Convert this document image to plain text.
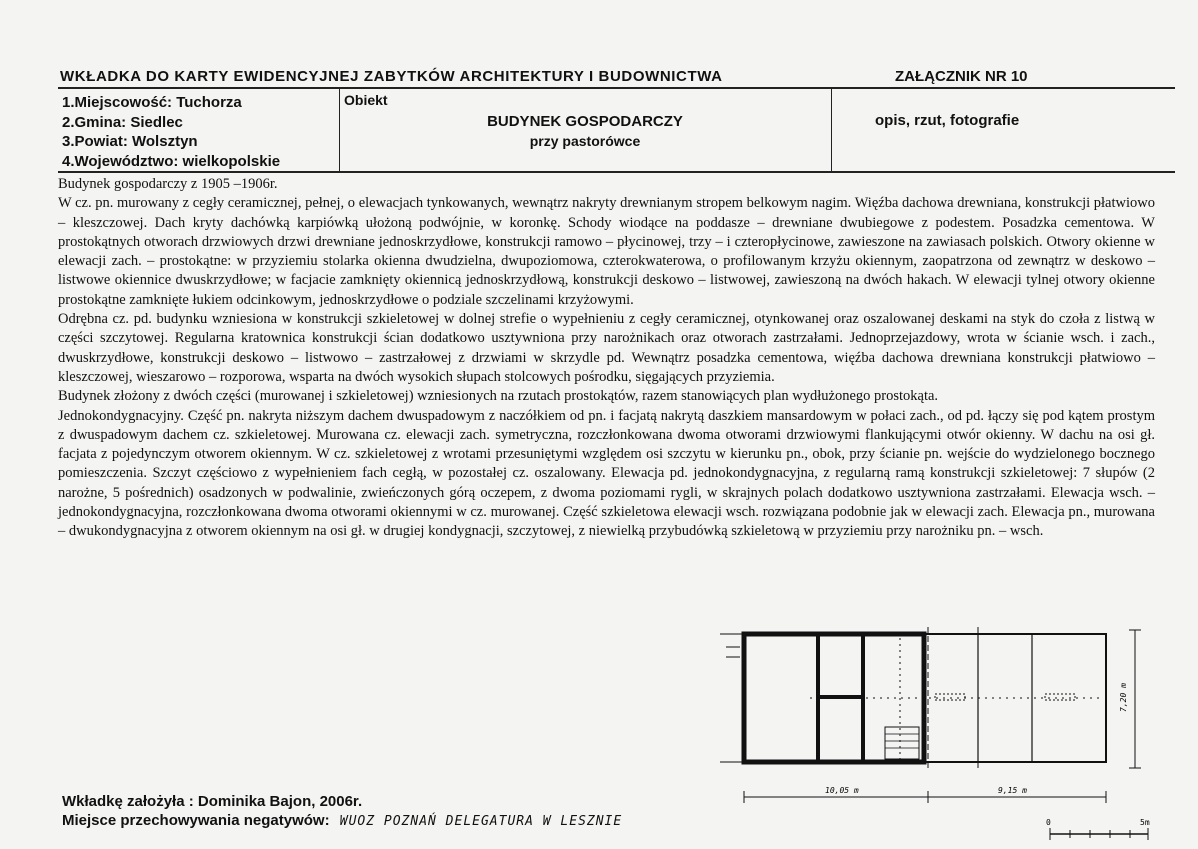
WKŁADKA DO KARTY EWIDENCYJNEJ ZABYTKÓW ARCHITEKTURY I BUDOWNICTWA	ZAŁĄCZNIK NR 10
1.Miejscowość: Tuchorza
2.Gmina: Siedlec
3.Powiat: Wolsztyn
4.Województwo: wielkopolskie
Obiekt
BUDYNEK GOSPODARCZY
przy pastorówce
opis, rzut, fotografie

Budynek gospodarczy z 1905 –1906r.

W cz. pn. murowany z cegły ceramicznej, pełnej, o elewacjach tynkowanych, wewnątrz nakryty drewnianym stropem belkowym nagim. Więźba dachowa drewniana, konstrukcji płatwiowo – kleszczowej. Dach kryty dachówką karpiówką ułożoną podwójnie, w koronkę. Schody wiodące na poddasze – drewniane dwubiegowe z podestem. Posadzka cementowa. W prostokątnych otworach drzwiowych drzwi drewniane jednoskrzydłowe, konstrukcji ramowo – płycinowej, trzy – i czteropłycinowe, zawieszone na zawiasach polskich. Otwory okienne w elewacji zach. – prostokątne: w przyziemiu stolarka okienna dwudzielna, dwupoziomowa, czterokwaterowa, o profilowanym krzyżu okiennym, zaopatrzona od zewnątrz w deskowo – listwowe okiennice dwuskrzydłowe; w facjacie zamknięty okiennicą jednoskrzydłową, konstrukcji deskowo – listwowej, zawieszoną na dwóch hakach. W elewacji tylnej otwory okienne prostokątne zamknięte łukiem odcinkowym, jednoskrzydłowe o podziale szczelinami krzyżowymi.

Odrębna cz. pd. budynku wzniesiona w konstrukcji szkieletowej w dolnej strefie o wypełnieniu z cegły ceramicznej, otynkowanej oraz oszalowanej deskami na styk do czoła z listwą w części szczytowej. Regularna kratownica konstrukcji ścian dodatkowo usztywniona przy narożnikach oraz otworach zastrzałami. Jednoprzejazdowy, wrota w ścianie wsch. i zach., dwuskrzydłowe, konstrukcji deskowo – listwowo – zastrzałowej z drzwiami w skrzydle pd. Wewnątrz posadzka cementowa, więźba dachowa drewniana konstrukcji płatwiowo – kleszczowej, wieszarowo – rozporowa, wsparta na dwóch wysokich słupach stolcowych pośrodku, sięgających przyziemia.

Budynek złożony z dwóch części (murowanej i szkieletowej) wzniesionych na rzutach prostokątów, razem stanowiących plan wydłużonego prostokąta.

Jednokondygnacyjny. Część pn. nakryta niższym dachem dwuspadowym z naczółkiem od pn. i facjatą nakrytą daszkiem mansardowym w połaci zach., od pd. łączy się pod kątem prostym z dwuspadowym dachem cz. szkieletowej. Murowana cz. elewacji zach. symetryczna, rozczłonkowana dwoma otworami drzwiowymi flankującymi otwór okienny. W dachu na osi gł. facjata z pojedynczym otworem okiennym. W cz. szkieletowej z wrotami przesuniętymi względem osi szczytu w kierunku pn., obok, przy ścianie pn. wejście do wydzielonego bocznego pomieszczenia. Szczyt częściowo z wypełnieniem fach cegłą, w pozostałej cz. oszalowany. Elewacja pd. jednokondygnacyjna, z regularną ramą konstrukcji szkieletowej: 7 słupów (2 narożne, 5 pośrednich) osadzonych w podwalinie, zwieńczonych górą oczepem, z dwoma poziomami rygli, w skrajnych polach dodatkowo usztywniona zastrzałami. Elewacja wsch. – jednokondygnacyjna, rozczłonkowana dwoma otworami okiennymi w cz. murowanej. Część szkieletowa elewacji wsch. rozwiązana podobnie jak w elewacji zach. Elewacja pn., murowana – dwukondygnacyjna z otworem okiennym na osi gł. w drugiej kondygnacji, szczytowej, z niewielką przybudówką szkieletową w przyziemiu przy narożniku pn. – wsch.

Wkładkę założyła : Dominika Bajon, 2006r.
Miejsce przechowywania negatywów: WUOZ POZNAŃ DELEGATURA W LESZNIE
10,05 m	9,15 m
7,20 m
0	5m
